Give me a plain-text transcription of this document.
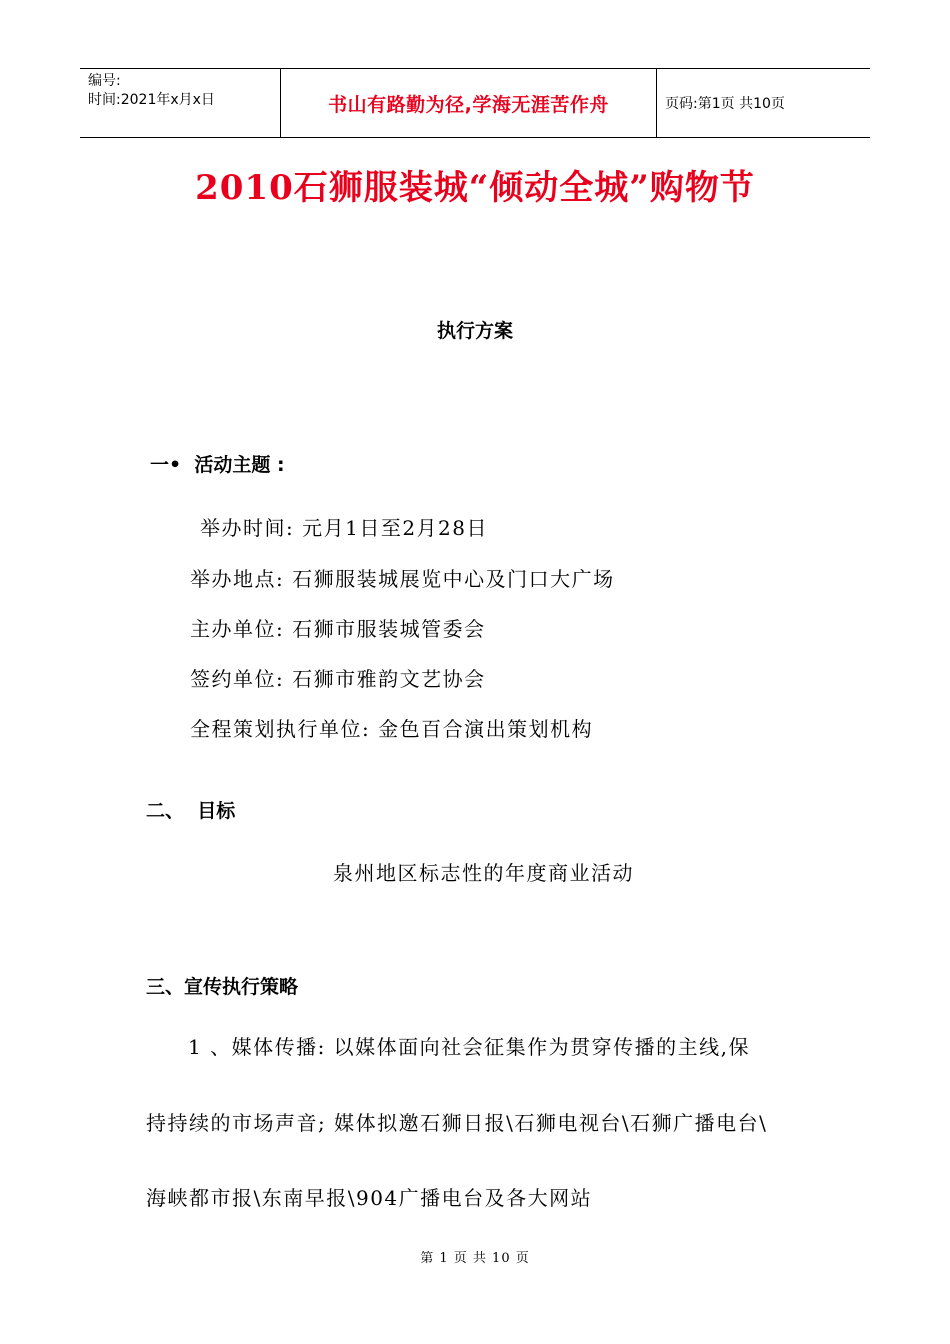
编号:
时间:2021年x月x日	书山有路勤为径,学海无涯苦作舟	页码:第1页 共10页
2010石狮服装城“倾动全城”购物节
执行方案
一•  活动主题 :
举办时间: 元月1日至2月28日
举办地点: 石狮服装城展览中心及门口大广场
主办单位: 石狮市服装城管委会
签约单位: 石狮市雅韵文艺协会
全程策划执行单位: 金色百合演出策划机构
二、  目标
泉州地区标志性的年度商业活动
三、宣传执行策略
1 、媒体传播: 以媒体面向社会征集作为贯穿传播的主线,保
持持续的市场声音; 媒体拟邀石狮日报\石狮电视台\石狮广播电台\
海峡都市报\东南早报\904广播电台及各大网站
第 1 页 共 10 页
